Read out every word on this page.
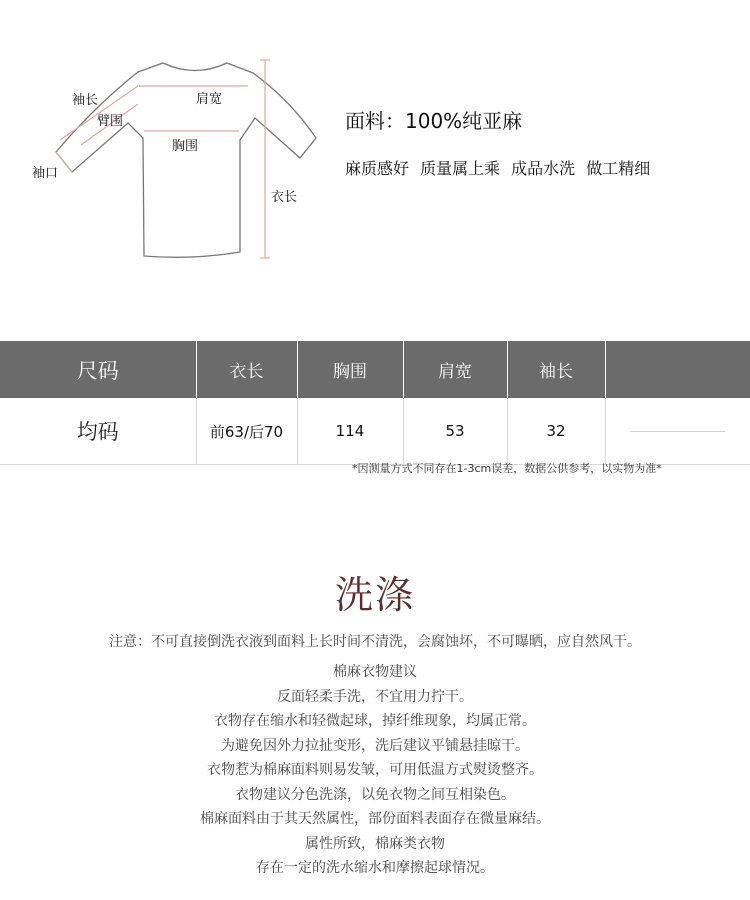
袖长
臂围
肩宽
胸围
袖口
衣长
面料：100%纯亚麻
麻质感好 质量属上乘 成品水洗 做工精细
尺码	衣长	胸围	肩宽	袖长	
均码	前63/后70	114	53	32	
*因测量方式不同存在1-3cm误差，数据公供参考，以实物为准*
洗涤
注意：不可直接倒洗衣液到面料上长时间不清洗，会腐蚀坏，不可曝晒，应自然风干。
棉麻衣物建议
反面轻柔手洗，不宜用力拧干。
衣物存在缩水和轻微起球，掉纤维现象，均属正常。
为避免因外力拉扯变形，洗后建议平铺悬挂晾干。
衣物惹为棉麻面料则易发皱，可用低温方式熨烫整齐。
衣物建议分色洗涤，以免衣物之间互相染色。
棉麻面料由于其天然属性，部份面料表面存在微量麻结。
属性所致，棉麻类衣物
存在一定的洗水缩水和摩擦起球情况。
